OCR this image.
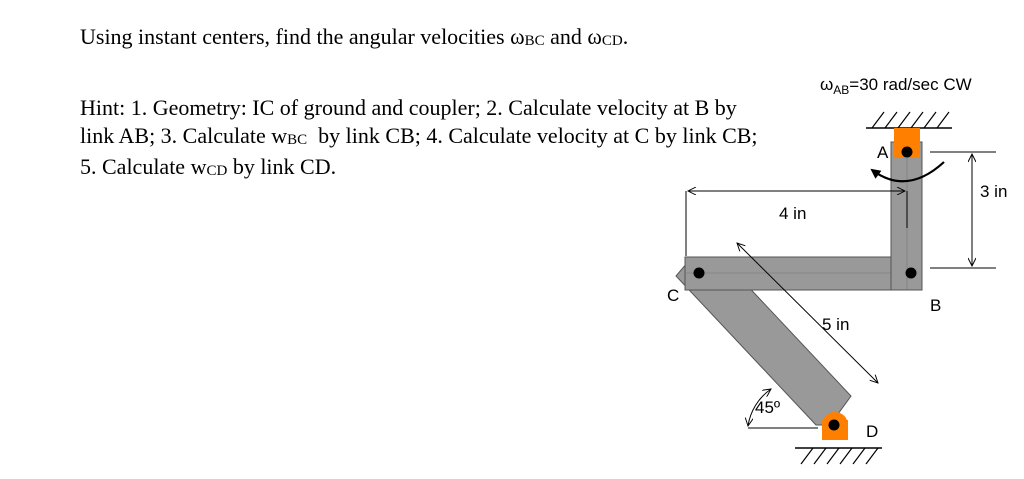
Using instant centers, find the angular velocities $\omega_{BC}$ and $\omega_{CD}$.
Hint: 1. Geometry: IC of ground and coupler; 2. Calculate velocity at B by
link AB; 3. Calculate $w_{BC}$  by link CB; 4. Calculate velocity at C by link CB;
5. Calculate $w_{CD}$ by link CD.
$\omega_{AB}=30$ rad/sec CW
A
B
C
D
4 in
3 in
5 in
45º
